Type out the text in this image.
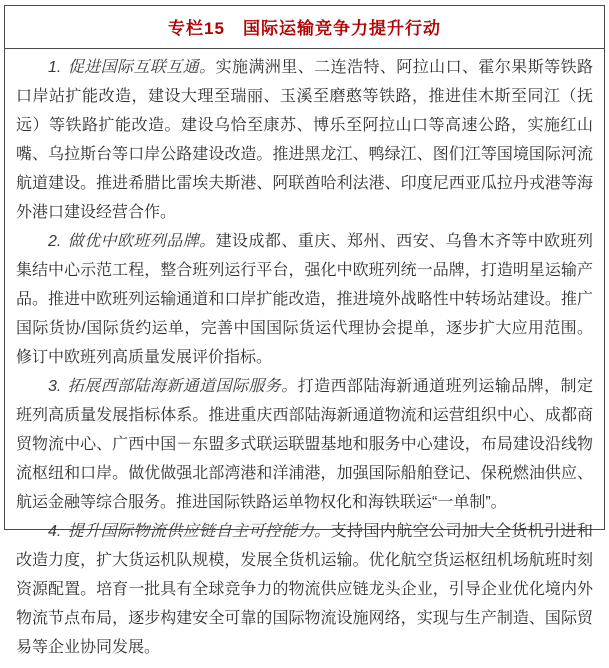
专栏15　国际运输竞争力提升行动

1. 促进国际互联互通。实施满洲里、二连浩特、阿拉山口、霍尔果斯等铁路口岸站扩能改造，建设大理至瑞丽、玉溪至磨憨等铁路，推进佳木斯至同江（抚远）等铁路扩能改造。建设乌恰至康苏、博乐至阿拉山口等高速公路，实施红山嘴、乌拉斯台等口岸公路建设改造。推进黑龙江、鸭绿江、图们江等国境国际河流航道建设。推进希腊比雷埃夫斯港、阿联酋哈利法港、印度尼西亚瓜拉丹戎港等海外港口建设经营合作。

2. 做优中欧班列品牌。建设成都、重庆、郑州、西安、乌鲁木齐等中欧班列集结中心示范工程，整合班列运行平台，强化中欧班列统一品牌，打造明星运输产品。推进中欧班列运输通道和口岸扩能改造，推进境外战略性中转场站建设。推广国际货协/国际货约运单，完善中国国际货运代理协会提单，逐步扩大应用范围。修订中欧班列高质量发展评价指标。

3. 拓展西部陆海新通道国际服务。打造西部陆海新通道班列运输品牌，制定班列高质量发展指标体系。推进重庆西部陆海新通道物流和运营组织中心、成都商贸物流中心、广西中国－东盟多式联运联盟基地和服务中心建设，布局建设沿线物流枢纽和口岸。做优做强北部湾港和洋浦港，加强国际船舶登记、保税燃油供应、航运金融等综合服务。推进国际铁路运单物权化和海铁联运“一单制”。

4. 提升国际物流供应链自主可控能力。支持国内航空公司加大全货机引进和改造力度，扩大货运机队规模，发展全货机运输。优化航空货运枢纽机场航班时刻资源配置。培育一批具有全球竞争力的物流供应链龙头企业，引导企业优化境内外物流节点布局，逐步构建安全可靠的国际物流设施网络，实现与生产制造、国际贸易等企业协同发展。
